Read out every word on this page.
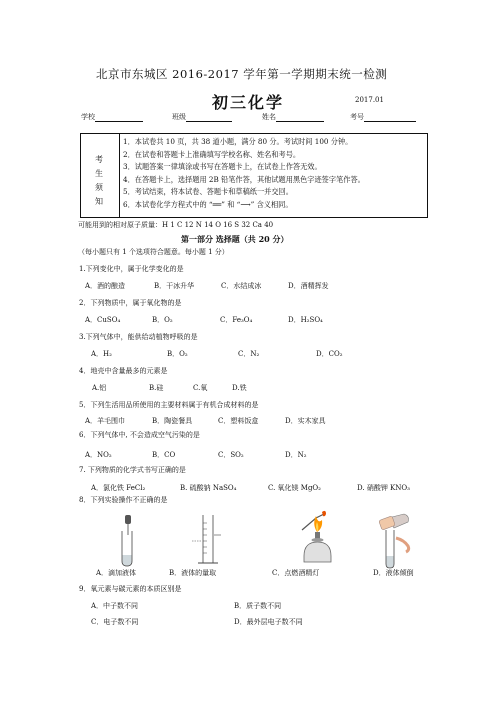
北京市东城区 2016-2017 学年第一学期期末统一检测
初三化学	2017.01
学校	班级	姓名	考号
考
生
须
知
1．本试卷共 10 页，共 38 道小题，满分 80 分。考试时间 100 分钟。
2．在试卷和答题卡上准确填写学校名称、姓名和考号。
3．试题答案一律填涂或书写在答题卡上，在试卷上作答无效。
4．在答题卡上，选择题用 2B 铅笔作答，其他试题用黑色字迹签字笔作答。
5．考试结束，将本试卷、答题卡和草稿纸一并交回。
6．本试卷化学方程式中的 “══” 和 “⟶” 含义相同。
可能用到的相对原子质量：H 1 C 12 N 14 O 16 S 32 Ca 40
第一部分 选择题（共 20 分）
（每小题只有 1 个选项符合题意。每小题 1 分）
1.下列变化中，属于化学变化的是
A．酒的酿造	B．干冰升华	C．水结成冰	D．酒精挥发
2．下列物质中，属于氧化物的是
A．CuSO₄	B．O₂	C．Fe₃O₄	D．H₂SO₄
3.下列气体中，能供给动植物呼吸的是
A．H₂	B．O₂	C．N₂	D．CO₂
4．地壳中含量最多的元素是
A.铝	B.硅	C.氧	D.铁
5．下列生活用品所使用的主要材料属于有机合成材料的是
A．羊毛围巾	B．陶瓷餐具	C．塑料饭盒	D．实木家具
6．下列气体中, 不会造成空气污染的是
A．NO₂	B．CO	C．SO₂	D．N₂
7. 下列物质的化学式书写正确的是
A．氯化铁 FeCl₂	B. 硫酸钠 NaSO₄	C. 氧化镁 MgO₂	D. 硝酸钾 KNO₃
8．下列实验操作不正确的是
A．滴加液体	B．液体的量取	C．点燃酒精灯	D．液体倾倒
9．氧元素与碳元素的本质区别是
A．中子数不同	B．质子数不同
C．电子数不同	D．最外层电子数不同
